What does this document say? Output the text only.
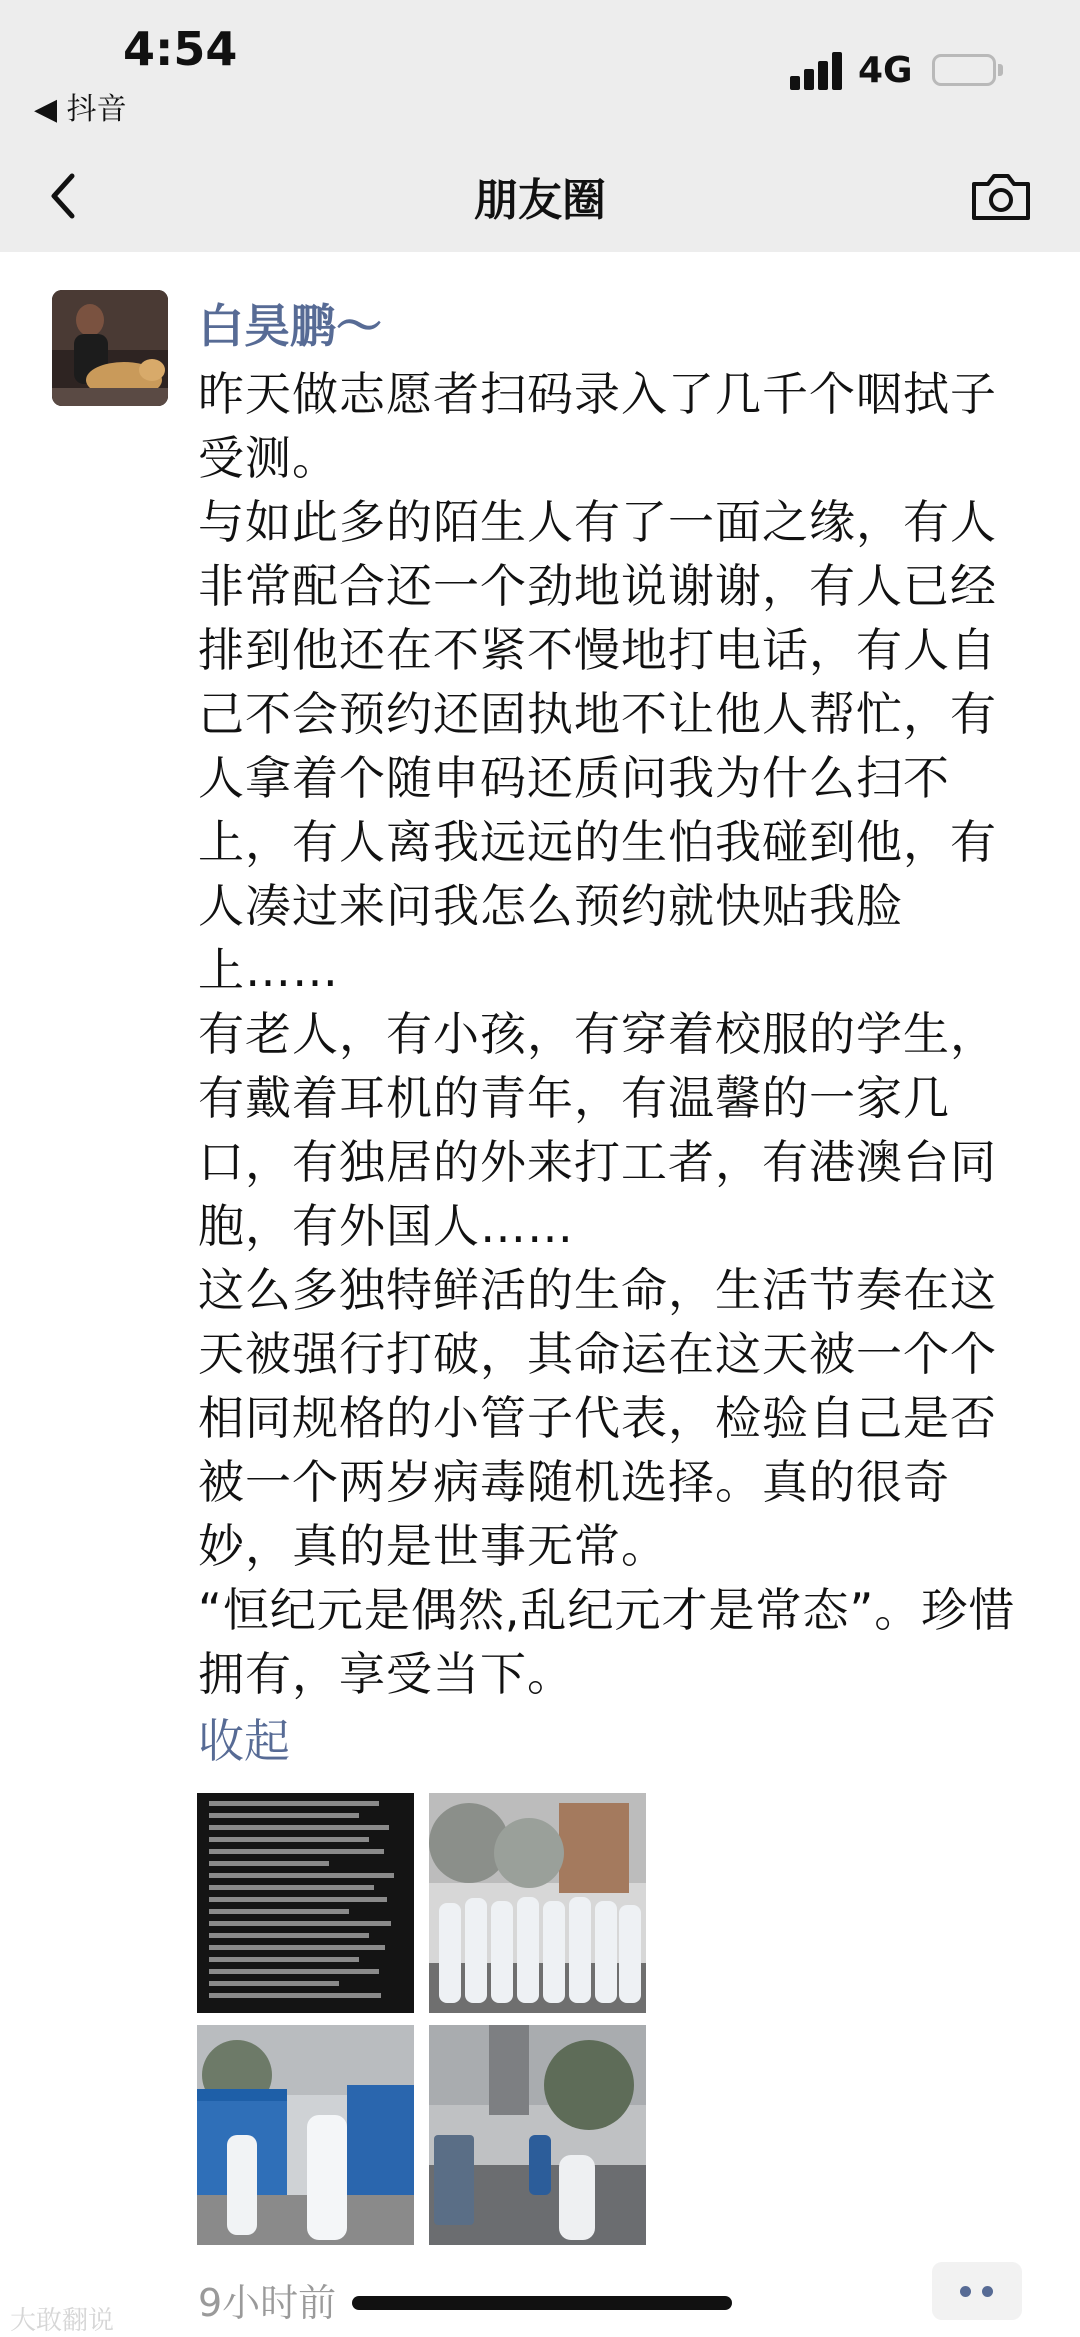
4:54
◀ 抖音
4G
朋友圈
白昊鹏～

昨天做志愿者扫码录入了几千个咽拭子受测。

与如此多的陌生人有了一面之缘，有人非常配合还一个劲地说谢谢，有人已经排到他还在不紧不慢地打电话，有人自己不会预约还固执地不让他人帮忙，有人拿着个随申码还质问我为什么扫不上，有人离我远远的生怕我碰到他，有人凑过来问我怎么预约就快贴我脸上……

有老人，有小孩，有穿着校服的学生，有戴着耳机的青年，有温馨的一家几口，有独居的外来打工者，有港澳台同胞，有外国人……

这么多独特鲜活的生命，生活节奏在这天被强行打破，其命运在这天被一个个相同规格的小管子代表，检验自己是否被一个两岁病毒随机选择。真的很奇妙，真的是世事无常。

“恒纪元是偶然,乱纪元才是常态”。珍惜拥有，享受当下。

收起
9小时前
大敢翻说
